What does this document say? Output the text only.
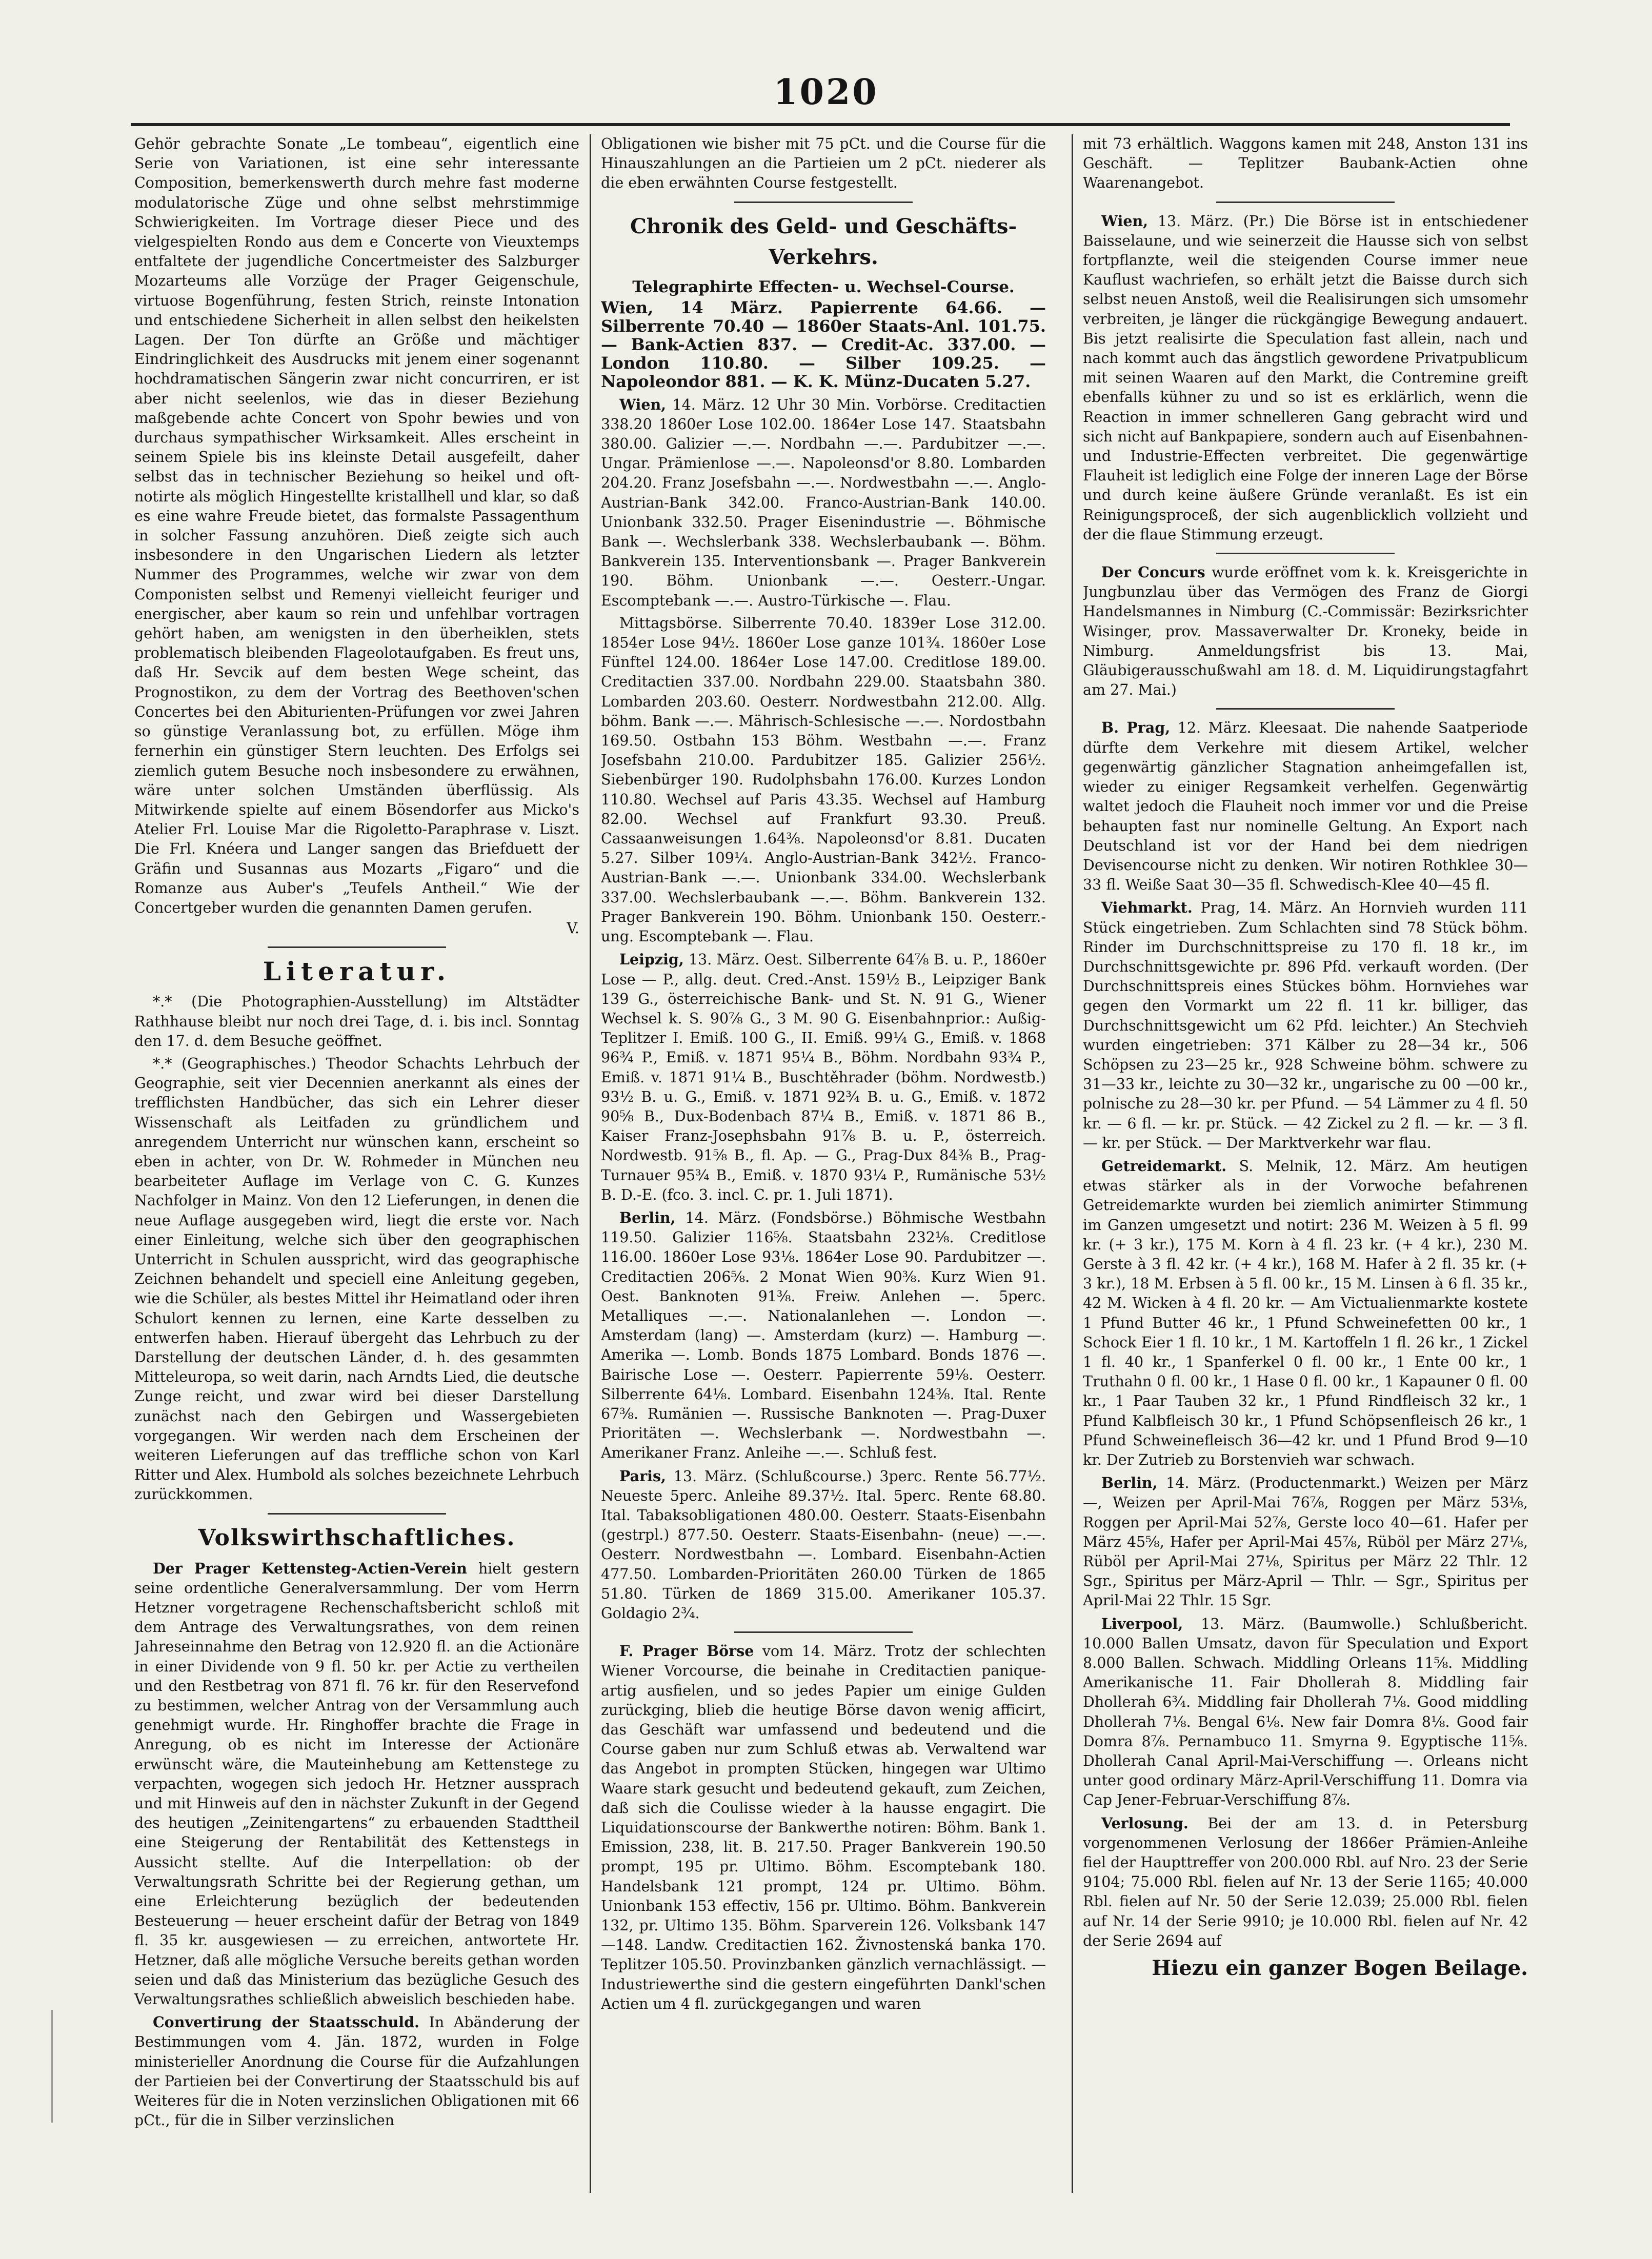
1020

Gehör gebrachte Sonate „Le tombeau“, eigentlich eine Serie von Variationen, ist eine sehr interessante Composition, bemerkenswerth durch mehre fast moderne modulatorische Züge und ohne selbst mehrstimmige Schwierigkeiten. Im Vortrage dieser Piece und des vielgespielten Rondo aus dem e Concerte von Vieuxtemps entfaltete der jugendliche Concertmeister des Salzburger Mozarteums alle Vorzüge der Prager Geigenschule, virtuose Bogenführung, festen Strich, reinste Intonation und entschiedene Sicherheit in allen selbst den heikelsten Lagen. Der Ton dürfte an Größe und mächtiger Eindringlichkeit des Ausdrucks mit jenem einer sogenannt hochdramatischen Sängerin zwar nicht concurriren, er ist aber nicht seelenlos, wie das in dieser Beziehung maßgebende achte Concert von Spohr bewies und von durchaus sympathischer Wirksamkeit. Alles erscheint in seinem Spiele bis ins kleinste Detail ausgefeilt, daher selbst das in technischer Beziehung so heikel und oft-notirte als möglich Hingestellte kristallhell und klar, so daß es eine wahre Freude bietet, das formalste Passagenthum in solcher Fassung anzuhören. Dieß zeigte sich auch insbesondere in den Ungarischen Liedern als letzter Nummer des Programmes, welche wir zwar von dem Componisten selbst und Remenyi vielleicht feuriger und energischer, aber kaum so rein und unfehlbar vortragen gehört haben, am wenigsten in den überheiklen, stets problematisch bleibenden Flageolotaufgaben. Es freut uns, daß Hr. Sevcik auf dem besten Wege scheint, das Prognostikon, zu dem der Vortrag des Beethoven'schen Concertes bei den Abiturienten-Prüfungen vor zwei Jahren so günstige Veranlassung bot, zu erfüllen. Möge ihm fernerhin ein günstiger Stern leuchten. Des Erfolgs sei ziemlich gutem Besuche noch insbesondere zu erwähnen, wäre unter solchen Umständen überflüssig. Als Mitwirkende spielte auf einem Bösendorfer aus Micko's Atelier Frl. Louise Mar die Rigoletto-Paraphrase v. Liszt. Die Frl. Knéera und Langer sangen das Briefduett der Gräfin und Susannas aus Mozarts „Figaro“ und die Romanze aus Auber's „Teufels Antheil.“ Wie der Concertgeber wurden die genannten Damen gerufen.

V.
Literatur.

*.* (Die Photographien-Ausstellung) im Altstädter Rathhause bleibt nur noch drei Tage, d. i. bis incl. Sonntag den 17. d. dem Besuche geöffnet.

*.* (Geographisches.) Theodor Schachts Lehrbuch der Geographie, seit vier Decennien anerkannt als eines der trefflichsten Handbücher, das sich ein Lehrer dieser Wissenschaft als Leitfaden zu gründlichem und anregendem Unterricht nur wünschen kann, erscheint so eben in achter, von Dr. W. Rohmeder in München neu bearbeiteter Auflage im Verlage von C. G. Kunzes Nachfolger in Mainz. Von den 12 Lieferungen, in denen die neue Auflage ausgegeben wird, liegt die erste vor. Nach einer Einleitung, welche sich über den geographischen Unterricht in Schulen ausspricht, wird das geographische Zeichnen behandelt und speciell eine Anleitung gegeben, wie die Schüler, als bestes Mittel ihr Heimatland oder ihren Schulort kennen zu lernen, eine Karte desselben zu entwerfen haben. Hierauf übergeht das Lehrbuch zu der Darstellung der deutschen Länder, d. h. des gesammten Mitteleuropa, so weit darin, nach Arndts Lied, die deutsche Zunge reicht, und zwar wird bei dieser Darstellung zunächst nach den Gebirgen und Wassergebieten vorgegangen. Wir werden nach dem Erscheinen der weiteren Lieferungen auf das treffliche schon von Karl Ritter und Alex. Humbold als solches bezeichnete Lehrbuch zurückkommen.

Volkswirthschaftliches.

Der Prager Kettensteg-Actien-Verein hielt gestern seine ordentliche Generalversammlung. Der vom Herrn Hetzner vorgetragene Rechenschaftsbericht schloß mit dem Antrage des Verwaltungsrathes, von dem reinen Jahreseinnahme den Betrag von 12.920 fl. an die Actionäre in einer Dividende von 9 fl. 50 kr. per Actie zu vertheilen und den Restbetrag von 871 fl. 76 kr. für den Reservefond zu bestimmen, welcher Antrag von der Versammlung auch genehmigt wurde. Hr. Ringhoffer brachte die Frage in Anregung, ob es nicht im Interesse der Actionäre erwünscht wäre, die Mauteinhebung am Kettenstege zu verpachten, wogegen sich jedoch Hr. Hetzner aussprach und mit Hinweis auf den in nächster Zukunft in der Gegend des heutigen „Zeinitengartens“ zu erbauenden Stadttheil eine Steigerung der Rentabilität des Kettenstegs in Aussicht stellte. Auf die Interpellation: ob der Verwaltungsrath Schritte bei der Regierung gethan, um eine Erleichterung bezüglich der bedeutenden Besteuerung — heuer erscheint dafür der Betrag von 1849 fl. 35 kr. ausgewiesen — zu erreichen, antwortete Hr. Hetzner, daß alle mögliche Versuche bereits gethan worden seien und daß das Ministerium das bezügliche Gesuch des Verwaltungsrathes schließlich abweislich beschieden habe.

Convertirung der Staatsschuld. In Abänderung der Bestimmungen vom 4. Jän. 1872, wurden in Folge ministerieller Anordnung die Course für die Aufzahlungen der Partieien bei der Convertirung der Staatsschuld bis auf Weiteres für die in Noten verzinslichen Obligationen mit 66 pCt., für die in Silber verzinslichen

Obligationen wie bisher mit 75 pCt. und die Course für die Hinauszahlungen an die Partieien um 2 pCt. niederer als die eben erwähnten Course festgestellt.

Chronik des Geld- und Geschäfts-Verkehrs.
Telegraphirte Effecten- u. Wechsel-Course.
Wien, 14 März. Papierrente 64.66. — Silberrente 70.40 — 1860er Staats-Anl. 101.75. — Bank-Actien 837. — Credit-Ac. 337.00. — London 110.80. — Silber 109.25. — Napoleondor 881. — K. K. Münz-Ducaten 5.27.

Wien, 14. März. 12 Uhr 30 Min. Vorbörse. Creditactien 338.20 1860er Lose 102.00. 1864er Lose 147. Staatsbahn 380.00. Galizier —.—. Nordbahn —.—. Pardubitzer —.—. Ungar. Prämienlose —.—. Napoleonsd'or 8.80. Lombarden 204.20. Franz Josefsbahn —.—. Nordwestbahn —.—. Anglo-Austrian-Bank 342.00. Franco-Austrian-Bank 140.00. Unionbank 332.50. Prager Eisenindustrie —. Böhmische Bank —. Wechslerbank 338. Wechslerbaubank —. Böhm. Bankverein 135. Interventionsbank —. Prager Bankverein 190. Böhm. Unionbank —.—. Oesterr.-Ungar. Escomptebank —.—. Austro-Türkische —. Flau.

Mittagsbörse. Silberrente 70.40. 1839er Lose 312.00. 1854er Lose 94½. 1860er Lose ganze 101¾. 1860er Lose Fünftel 124.00. 1864er Lose 147.00. Creditlose 189.00. Creditactien 337.00. Nordbahn 229.00. Staatsbahn 380. Lombarden 203.60. Oesterr. Nordwestbahn 212.00. Allg. böhm. Bank —.—. Mährisch-Schlesische —.—. Nordostbahn 169.50. Ostbahn 153 Böhm. Westbahn —.—. Franz Josefsbahn 210.00. Pardubitzer 185. Galizier 256½. Siebenbürger 190. Rudolphsbahn 176.00. Kurzes London 110.80. Wechsel auf Paris 43.35. Wechsel auf Hamburg 82.00. Wechsel auf Frankfurt 93.30. Preuß. Cassaanweisungen 1.64⅜. Napoleonsd'or 8.81. Ducaten 5.27. Silber 109¼. Anglo-Austrian-Bank 342½. Franco-Austrian-Bank —.—. Unionbank 334.00. Wechslerbank 337.00. Wechslerbaubank —.—. Böhm. Bankverein 132. Prager Bankverein 190. Böhm. Unionbank 150. Oesterr.-ung. Escomptebank —. Flau.

Leipzig, 13. März. Oest. Silberrente 64⅞ B. u. P., 1860er Lose — P., allg. deut. Cred.-Anst. 159½ B., Leipziger Bank 139 G., österreichische Bank- und St. N. 91 G., Wiener Wechsel k. S. 90⅞ G., 3 M. 90 G. Eisenbahnprior.: Außig-Teplitzer I. Emiß. 100 G., II. Emiß. 99¼ G., Emiß. v. 1868 96¾ P., Emiß. v. 1871 95¼ B., Böhm. Nordbahn 93¾ P., Emiß. v. 1871 91¼ B., Buschtěhrader (böhm. Nordwestb.) 93½ B. u. G., Emiß. v. 1871 92¾ B. u. G., Emiß. v. 1872 90⅝ B., Dux-Bodenbach 87¼ B., Emiß. v. 1871 86 B., Kaiser Franz-Josephsbahn 91⅞ B. u. P., österreich. Nordwestb. 91⅝ B., fl. Ap. — G., Prag-Dux 84⅜ B., Prag-Turnauer 95¾ B., Emiß. v. 1870 93¼ P., Rumänische 53½ B. D.-E. (fco. 3. incl. C. pr. 1. Juli 1871).

Berlin, 14. März. (Fondsbörse.) Böhmische Westbahn 119.50. Galizier 116⅝. Staatsbahn 232⅛. Creditlose 116.00. 1860er Lose 93⅛. 1864er Lose 90. Pardubitzer —. Creditactien 206⅝. 2 Monat Wien 90⅜. Kurz Wien 91. Oest. Banknoten 91⅜. Freiw. Anlehen —. 5perc. Metalliques —.—. Nationalanlehen —. London —. Amsterdam (lang) —. Amsterdam (kurz) —. Hamburg —. Amerika —. Lomb. Bonds 1875 Lombard. Bonds 1876 —. Bairische Lose —. Oesterr. Papierrente 59⅛. Oesterr. Silberrente 64⅛. Lombard. Eisenbahn 124⅜. Ital. Rente 67⅜. Rumänien —. Russische Banknoten —. Prag-Duxer Prioritäten —. Wechslerbank —. Nordwestbahn —. Amerikaner Franz. Anleihe —.—. Schluß fest.

Paris, 13. März. (Schlußcourse.) 3perc. Rente 56.77½. Neueste 5perc. Anleihe 89.37½. Ital. 5perc. Rente 68.80. Ital. Tabaksobligationen 480.00. Oesterr. Staats-Eisenbahn (gestrpl.) 877.50. Oesterr. Staats-Eisenbahn- (neue) —.—. Oesterr. Nordwestbahn —. Lombard. Eisenbahn-Actien 477.50. Lombarden-Prioritäten 260.00 Türken de 1865 51.80. Türken de 1869 315.00. Amerikaner 105.37. Goldagio 2¾.

F. Prager Börse vom 14. März. Trotz der schlechten Wiener Vorcourse, die beinahe in Creditactien panique-artig ausfielen, und so jedes Papier um einige Gulden zurückging, blieb die heutige Börse davon wenig afficirt, das Geschäft war umfassend und bedeutend und die Course gaben nur zum Schluß etwas ab. Verwaltend war das Angebot in prompten Stücken, hingegen war Ultimo Waare stark gesucht und bedeutend gekauft, zum Zeichen, daß sich die Coulisse wieder à la hausse engagirt. Die Liquidationscourse der Bankwerthe notiren: Böhm. Bank 1. Emission, 238, lit. B. 217.50. Prager Bankverein 190.50 prompt, 195 pr. Ultimo. Böhm. Escomptebank 180. Handelsbank 121 prompt, 124 pr. Ultimo. Böhm. Unionbank 153 effectiv, 156 pr. Ultimo. Böhm. Bankverein 132, pr. Ultimo 135. Böhm. Sparverein 126. Volksbank 147—148. Landw. Creditactien 162. Živnostenská banka 170. Teplitzer 105.50. Provinzbanken gänzlich vernachlässigt. — Industriewerthe sind die gestern eingeführten Dankl'schen Actien um 4 fl. zurückgegangen und waren

mit 73 erhältlich. Waggons kamen mit 248, Anston 131 ins Geschäft. — Teplitzer Baubank-Actien ohne Waarenangebot.

Wien, 13. März. (Pr.) Die Börse ist in entschiedener Baisselaune, und wie seinerzeit die Hausse sich von selbst fortpflanzte, weil die steigenden Course immer neue Kauflust wachriefen, so erhält jetzt die Baisse durch sich selbst neuen Anstoß, weil die Realisirungen sich umsomehr verbreiten, je länger die rückgängige Bewegung andauert. Bis jetzt realisirte die Speculation fast allein, nach und nach kommt auch das ängstlich gewordene Privatpublicum mit seinen Waaren auf den Markt, die Contremine greift ebenfalls kühner zu und so ist es erklärlich, wenn die Reaction in immer schnelleren Gang gebracht wird und sich nicht auf Bankpapiere, sondern auch auf Eisenbahnen- und Industrie-Effecten verbreitet. Die gegenwärtige Flauheit ist lediglich eine Folge der inneren Lage der Börse und durch keine äußere Gründe veranlaßt. Es ist ein Reinigungsproceß, der sich augenblicklich vollzieht und der die flaue Stimmung erzeugt.

Der Concurs wurde eröffnet vom k. k. Kreisgerichte in Jungbunzlau über das Vermögen des Franz de Giorgi Handelsmannes in Nimburg (C.-Commissär: Bezirksrichter Wisinger, prov. Massaverwalter Dr. Kroneky, beide in Nimburg. Anmeldungsfrist bis 13. Mai, Gläubigerausschußwahl am 18. d. M. Liquidirungstagfahrt am 27. Mai.)

B. Prag, 12. März. Kleesaat. Die nahende Saatperiode dürfte dem Verkehre mit diesem Artikel, welcher gegenwärtig gänzlicher Stagnation anheimgefallen ist, wieder zu einiger Regsamkeit verhelfen. Gegenwärtig waltet jedoch die Flauheit noch immer vor und die Preise behaupten fast nur nominelle Geltung. An Export nach Deutschland ist vor der Hand bei dem niedrigen Devisencourse nicht zu denken. Wir notiren Rothklee 30—33 fl. Weiße Saat 30—35 fl. Schwedisch-Klee 40—45 fl.

Viehmarkt. Prag, 14. März. An Hornvieh wurden 111 Stück eingetrieben. Zum Schlachten sind 78 Stück böhm. Rinder im Durchschnittspreise zu 170 fl. 18 kr., im Durchschnittsgewichte pr. 896 Pfd. verkauft worden. (Der Durchschnittspreis eines Stückes böhm. Hornviehes war gegen den Vormarkt um 22 fl. 11 kr. billiger, das Durchschnittsgewicht um 62 Pfd. leichter.) An Stechvieh wurden eingetrieben: 371 Kälber zu 28—34 kr., 506 Schöpsen zu 23—25 kr., 928 Schweine böhm. schwere zu 31—33 kr., leichte zu 30—32 kr., ungarische zu 00 —00 kr., polnische zu 28—30 kr. per Pfund. — 54 Lämmer zu 4 fl. 50 kr. — 6 fl. — kr. pr. Stück. — 42 Zickel zu 2 fl. — kr. — 3 fl. — kr. per Stück. — Der Marktverkehr war flau.

Getreidemarkt. S. Melnik, 12. März. Am heutigen etwas stärker als in der Vorwoche befahrenen Getreidemarkte wurden bei ziemlich animirter Stimmung im Ganzen umgesetzt und notirt: 236 M. Weizen à 5 fl. 99 kr. (+ 3 kr.), 175 M. Korn à 4 fl. 23 kr. (+ 4 kr.), 230 M. Gerste à 3 fl. 42 kr. (+ 4 kr.), 168 M. Hafer à 2 fl. 35 kr. (+ 3 kr.), 18 M. Erbsen à 5 fl. 00 kr., 15 M. Linsen à 6 fl. 35 kr., 42 M. Wicken à 4 fl. 20 kr. — Am Victualienmarkte kostete 1 Pfund Butter 46 kr., 1 Pfund Schweinefetten 00 kr., 1 Schock Eier 1 fl. 10 kr., 1 M. Kartoffeln 1 fl. 26 kr., 1 Zickel 1 fl. 40 kr., 1 Spanferkel 0 fl. 00 kr., 1 Ente 00 kr., 1 Truthahn 0 fl. 00 kr., 1 Hase 0 fl. 00 kr., 1 Kapauner 0 fl. 00 kr., 1 Paar Tauben 32 kr., 1 Pfund Rindfleisch 32 kr., 1 Pfund Kalbfleisch 30 kr., 1 Pfund Schöpsenfleisch 26 kr., 1 Pfund Schweinefleisch 36—42 kr. und 1 Pfund Brod 9—10 kr. Der Zutrieb zu Borstenvieh war schwach.

Berlin, 14. März. (Productenmarkt.) Weizen per März —, Weizen per April-Mai 76⅞, Roggen per März 53⅛, Roggen per April-Mai 52⅞, Gerste loco 40—61. Hafer per März 45⅝, Hafer per April-Mai 45⅞, Rüböl per März 27⅛, Rüböl per April-Mai 27⅛, Spiritus per März 22 Thlr. 12 Sgr., Spiritus per März-April — Thlr. — Sgr., Spiritus per April-Mai 22 Thlr. 15 Sgr.

Liverpool, 13. März. (Baumwolle.) Schlußbericht. 10.000 Ballen Umsatz, davon für Speculation und Export 8.000 Ballen. Schwach. Middling Orleans 11⅝. Middling Amerikanische 11. Fair Dhollerah 8. Middling fair Dhollerah 6¾. Middling fair Dhollerah 7⅛. Good middling Dhollerah 7⅛. Bengal 6⅛. New fair Domra 8⅛. Good fair Domra 8⅞. Pernambuco 11. Smyrna 9. Egyptische 11⅝. Dhollerah Canal April-Mai-Verschiffung —. Orleans nicht unter good ordinary März-April-Verschiffung 11. Domra via Cap Jener-Februar-Verschiffung 8⅞.

Verlosung. Bei der am 13. d. in Petersburg vorgenommenen Verlosung der 1866er Prämien-Anleihe fiel der Haupttreffer von 200.000 Rbl. auf Nro. 23 der Serie 9104; 75.000 Rbl. fielen auf Nr. 13 der Serie 1165; 40.000 Rbl. fielen auf Nr. 50 der Serie 12.039; 25.000 Rbl. fielen auf Nr. 14 der Serie 9910; je 10.000 Rbl. fielen auf Nr. 42 der Serie 2694 auf

Hiezu ein ganzer Bogen Beilage.
